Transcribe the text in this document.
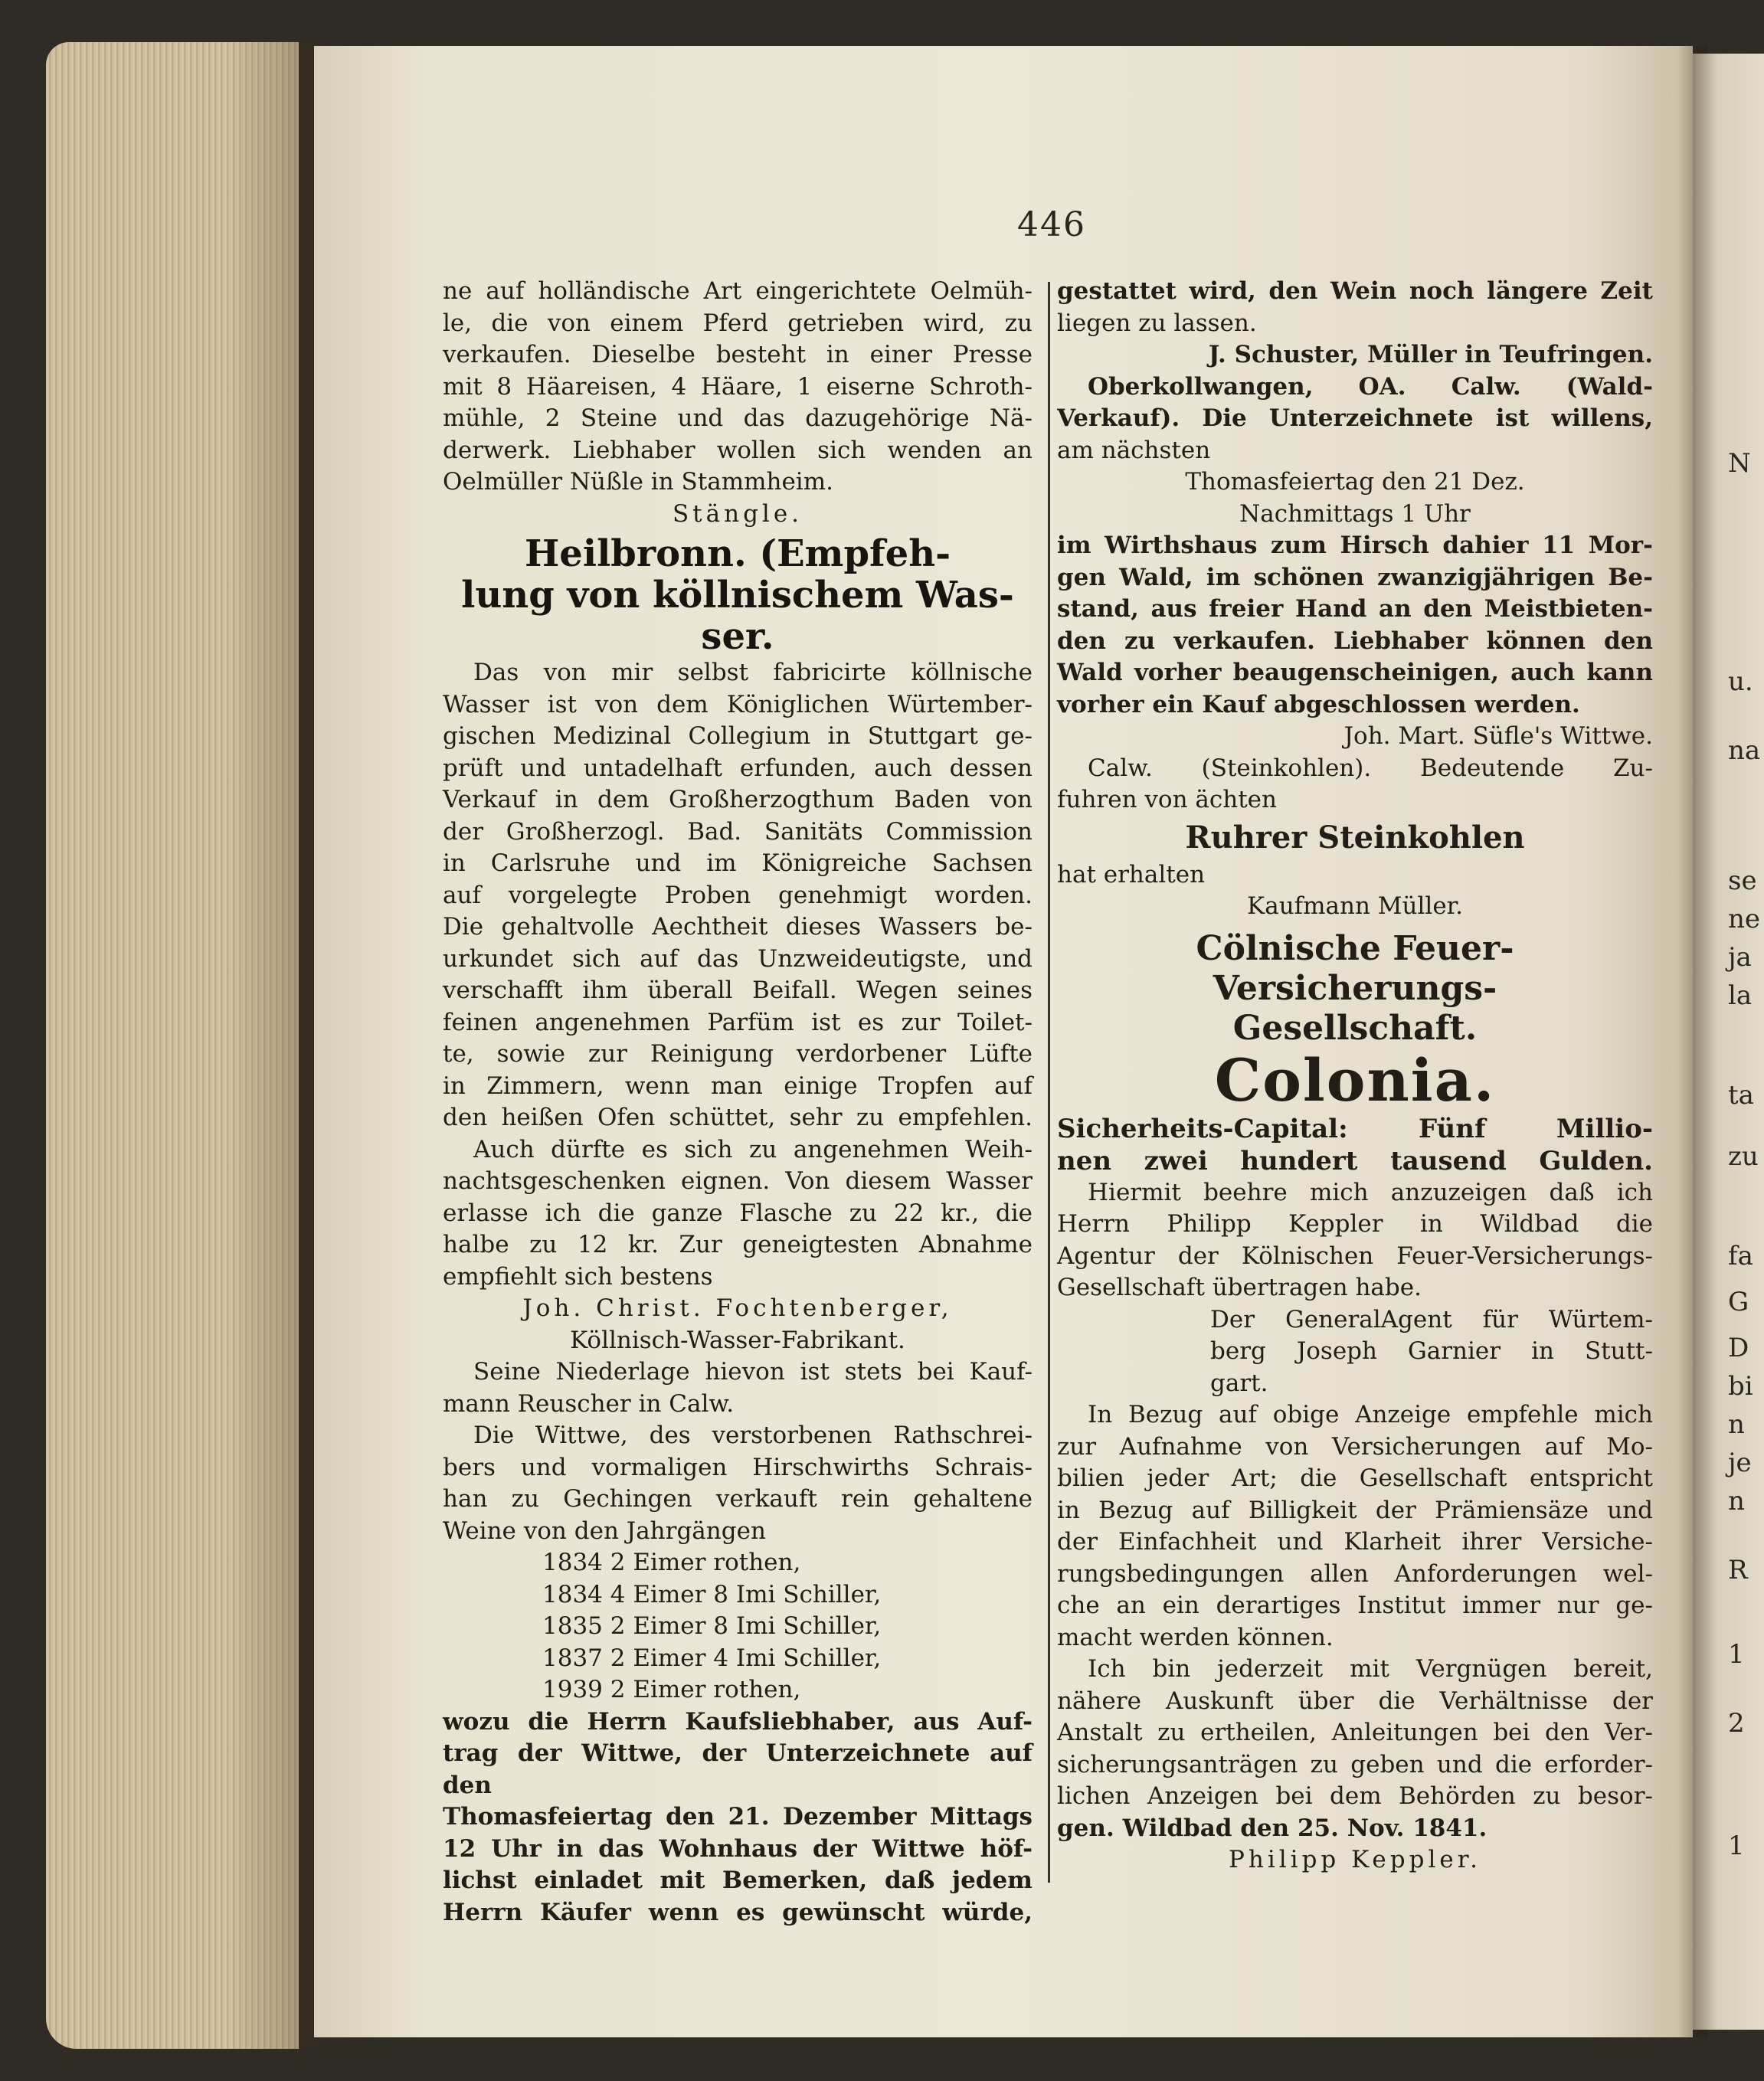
N
u.
na
se
ne
ja
la
ta
zu
fa
G
D
bi
n
je
n
R
1
2
1
446

ne auf holländische Art eingerichtete Oelmüh-

le, die von einem Pferd getrieben wird, zu

verkaufen. Dieselbe besteht in einer Presse

mit 8 Häareisen, 4 Häare, 1 eiserne Schroth-

mühle, 2 Steine und das dazugehörige Nä-

derwerk. Liebhaber wollen sich wenden an

Oelmüller Nüßle in Stammheim.

Stängle.

Heilbronn. (Empfeh-

lung von köllnischem Was-

ser.

Das von mir selbst fabricirte köllnische

Wasser ist von dem Königlichen Würtember-

gischen Medizinal Collegium in Stuttgart ge-

prüft und untadelhaft erfunden, auch dessen

Verkauf in dem Großherzogthum Baden von

der Großherzogl. Bad. Sanitäts Commission

in Carlsruhe und im Königreiche Sachsen

auf vorgelegte Proben genehmigt worden.

Die gehaltvolle Aechtheit dieses Wassers be-

urkundet sich auf das Unzweideutigste, und

verschafft ihm überall Beifall. Wegen seines

feinen angenehmen Parfüm ist es zur Toilet-

te, sowie zur Reinigung verdorbener Lüfte

in Zimmern, wenn man einige Tropfen auf

den heißen Ofen schüttet, sehr zu empfehlen.

Auch dürfte es sich zu angenehmen Weih-

nachtsgeschenken eignen. Von diesem Wasser

erlasse ich die ganze Flasche zu 22 kr., die

halbe zu 12 kr. Zur geneigtesten Abnahme

empfiehlt sich bestens

Joh. Christ. Fochtenberger,

Köllnisch-Wasser-Fabrikant.

Seine Niederlage hievon ist stets bei Kauf-

mann Reuscher in Calw.

Die Wittwe, des verstorbenen Rathschrei-

bers und vormaligen Hirschwirths Schrais-

han zu Gechingen verkauft rein gehaltene

Weine von den Jahrgängen

1834 2 Eimer rothen,

1834 4 Eimer 8 Imi Schiller,

1835 2 Eimer 8 Imi Schiller,

1837 2 Eimer 4 Imi Schiller,

1939 2 Eimer rothen,

wozu die Herrn Kaufsliebhaber, aus Auf-

trag der Wittwe, der Unterzeichnete auf den

Thomasfeiertag den 21. Dezember Mittags

12 Uhr in das Wohnhaus der Wittwe höf-

lichst einladet mit Bemerken, daß jedem

Herrn Käufer wenn es gewünscht würde,

gestattet wird, den Wein noch längere Zeit

liegen zu lassen.

J. Schuster, Müller in Teufringen.

Oberkollwangen, OA. Calw. (Wald-

Verkauf). Die Unterzeichnete ist willens,

am nächsten

Thomasfeiertag den 21 Dez.

Nachmittags 1 Uhr

im Wirthshaus zum Hirsch dahier 11 Mor-

gen Wald, im schönen zwanzigjährigen Be-

stand, aus freier Hand an den Meistbieten-

den zu verkaufen. Liebhaber können den

Wald vorher beaugenscheinigen, auch kann

vorher ein Kauf abgeschlossen werden.

Joh. Mart. Süfle's Wittwe.

Calw. (Steinkohlen). Bedeutende Zu-

fuhren von ächten

Ruhrer Steinkohlen

hat erhalten

Kaufmann Müller.

Cölnische Feuer-Versicherungs-

Gesellschaft.

Colonia.

Sicherheits-Capital: Fünf Millio-

nen zwei hundert tausend Gulden.

Hiermit beehre mich anzuzeigen daß ich

Herrn Philipp Keppler in Wildbad die

Agentur der Kölnischen Feuer-Versicherungs-

Gesellschaft übertragen habe.

Der GeneralAgent für Würtem-

berg Joseph Garnier in Stutt-

gart.

In Bezug auf obige Anzeige empfehle mich

zur Aufnahme von Versicherungen auf Mo-

bilien jeder Art; die Gesellschaft entspricht

in Bezug auf Billigkeit der Prämiensäze und

der Einfachheit und Klarheit ihrer Versiche-

rungsbedingungen allen Anforderungen wel-

che an ein derartiges Institut immer nur ge-

macht werden können.

Ich bin jederzeit mit Vergnügen bereit,

nähere Auskunft über die Verhältnisse der

Anstalt zu ertheilen, Anleitungen bei den Ver-

sicherungsanträgen zu geben und die erforder-

lichen Anzeigen bei dem Behörden zu besor-

gen. Wildbad den 25. Nov. 1841.

Philipp Keppler.
